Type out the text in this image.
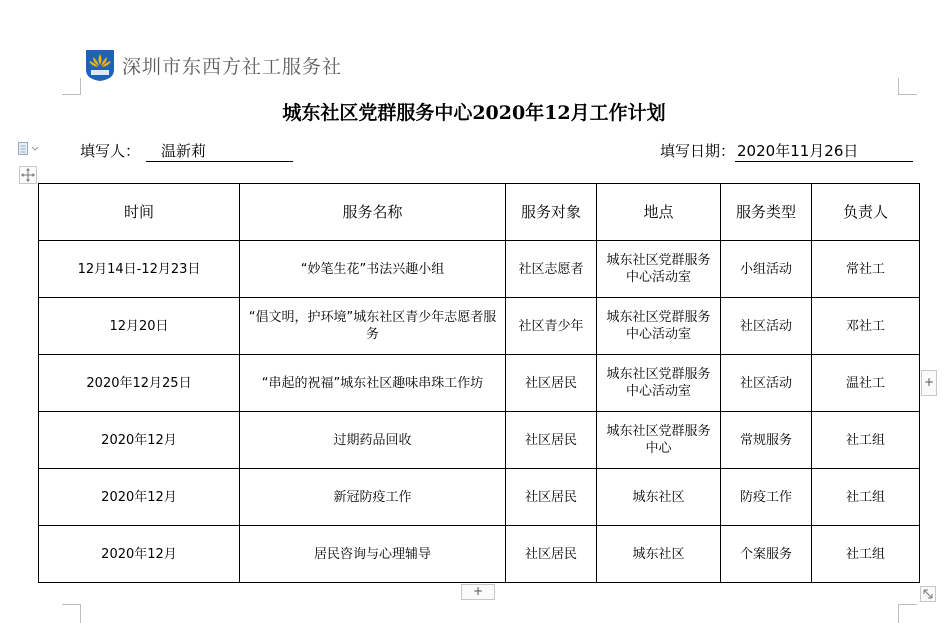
深圳市东西方社工服务社
城东社区党群服务中心2020年12月工作计划
填写人： 温新莉	填写日期： 2020年11月26日
时间	服务名称	服务对象	地点	服务类型	负责人
12月14日-12月23日	“妙笔生花”书法兴趣小组	社区志愿者	城东社区党群服务中心活动室	小组活动	常社工
12月20日	“倡文明，护环境”城东社区青少年志愿者服务	社区青少年	城东社区党群服务中心活动室	社区活动	邓社工
2020年12月25日	“串起的祝福”城东社区趣味串珠工作坊	社区居民	城东社区党群服务中心活动室	社区活动	温社工
2020年12月	过期药品回收	社区居民	城东社区党群服务中心	常规服务	社工组
2020年12月	新冠防疫工作	社区居民	城东社区	防疫工作	社工组
2020年12月	居民咨询与心理辅导	社区居民	城东社区	个案服务	社工组
+
+
